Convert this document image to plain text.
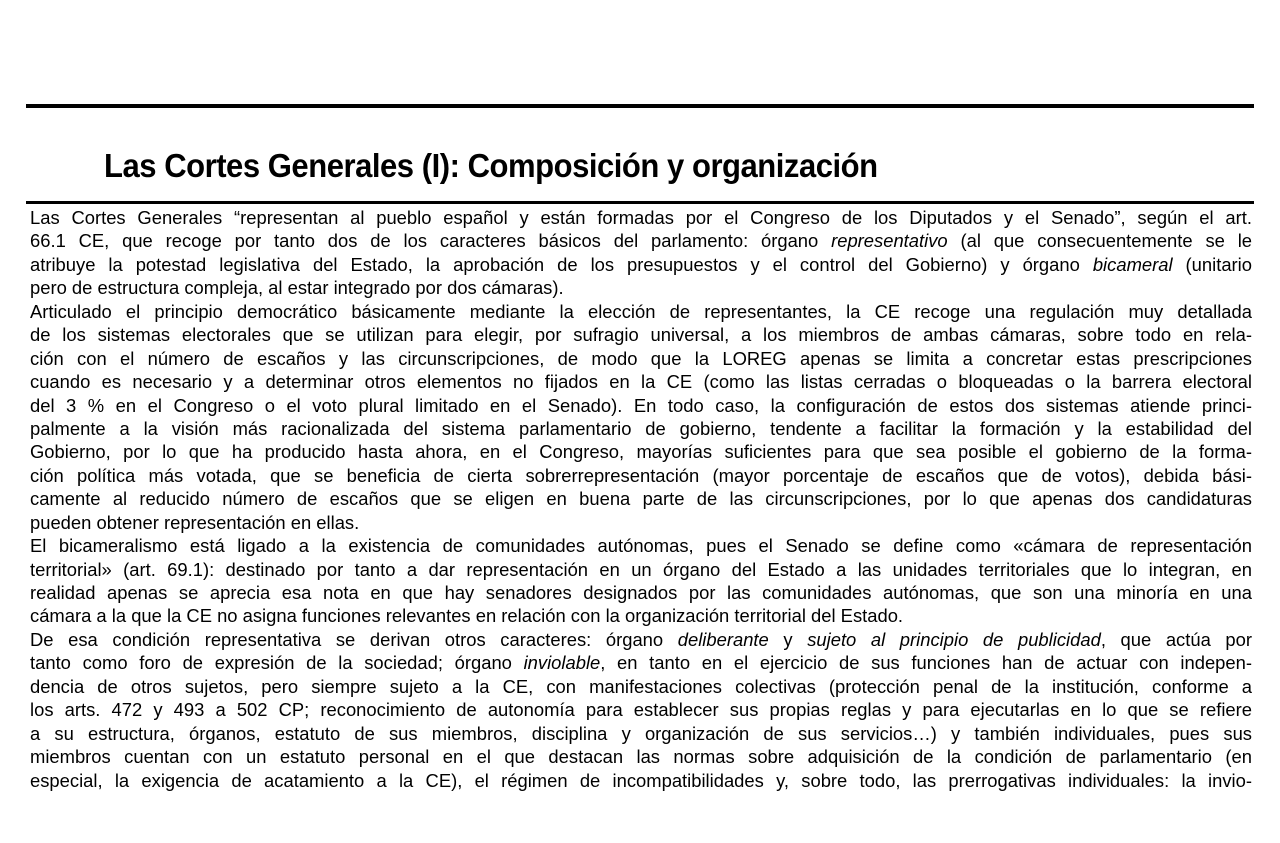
Las Cortes Generales (I): Composición y organización
Las Cortes Generales “representan al pueblo español y están formadas por el Congreso de los Diputados y el Senado”, según el art.
66.1 CE, que recoge por tanto dos de los caracteres básicos del parlamento: órgano representativo (al que consecuentemente se le
atribuye la potestad legislativa del Estado, la aprobación de los presupuestos y el control del Gobierno) y órgano bicameral (unitario
pero de estructura compleja, al estar integrado por dos cámaras).
Articulado el principio democrático básicamente mediante la elección de representantes, la CE recoge una regulación muy detallada
de los sistemas electorales que se utilizan para elegir, por sufragio universal, a los miembros de ambas cámaras, sobre todo en rela-
ción con el número de escaños y las circunscripciones, de modo que la LOREG apenas se limita a concretar estas prescripciones
cuando es necesario y a determinar otros elementos no fijados en la CE (como las listas cerradas o bloqueadas o la barrera electoral
del 3 % en el Congreso o el voto plural limitado en el Senado). En todo caso, la configuración de estos dos sistemas atiende princi-
palmente a la visión más racionalizada del sistema parlamentario de gobierno, tendente a facilitar la formación y la estabilidad del
Gobierno, por lo que ha producido hasta ahora, en el Congreso, mayorías suficientes para que sea posible el gobierno de la forma-
ción política más votada, que se beneficia de cierta sobrerrepresentación (mayor porcentaje de escaños que de votos), debida bási-
camente al reducido número de escaños que se eligen en buena parte de las circunscripciones, por lo que apenas dos candidaturas
pueden obtener representación en ellas.
El bicameralismo está ligado a la existencia de comunidades autónomas, pues el Senado se define como «cámara de representación
territorial» (art. 69.1): destinado por tanto a dar representación en un órgano del Estado a las unidades territoriales que lo integran, en
realidad apenas se aprecia esa nota en que hay senadores designados por las comunidades autónomas, que son una minoría en una
cámara a la que la CE no asigna funciones relevantes en relación con la organización territorial del Estado.
De esa condición representativa se derivan otros caracteres: órgano deliberante y sujeto al principio de publicidad, que actúa por
tanto como foro de expresión de la sociedad; órgano inviolable, en tanto en el ejercicio de sus funciones han de actuar con indepen-
dencia de otros sujetos, pero siempre sujeto a la CE, con manifestaciones colectivas (protección penal de la institución, conforme a
los arts. 472 y 493 a 502 CP; reconocimiento de autonomía para establecer sus propias reglas y para ejecutarlas en lo que se refiere
a su estructura, órganos, estatuto de sus miembros, disciplina y organización de sus servicios…) y también individuales, pues sus
miembros cuentan con un estatuto personal en el que destacan las normas sobre adquisición de la condición de parlamentario (en
especial, la exigencia de acatamiento a la CE), el régimen de incompatibilidades y, sobre todo, las prerrogativas individuales: la invio-
